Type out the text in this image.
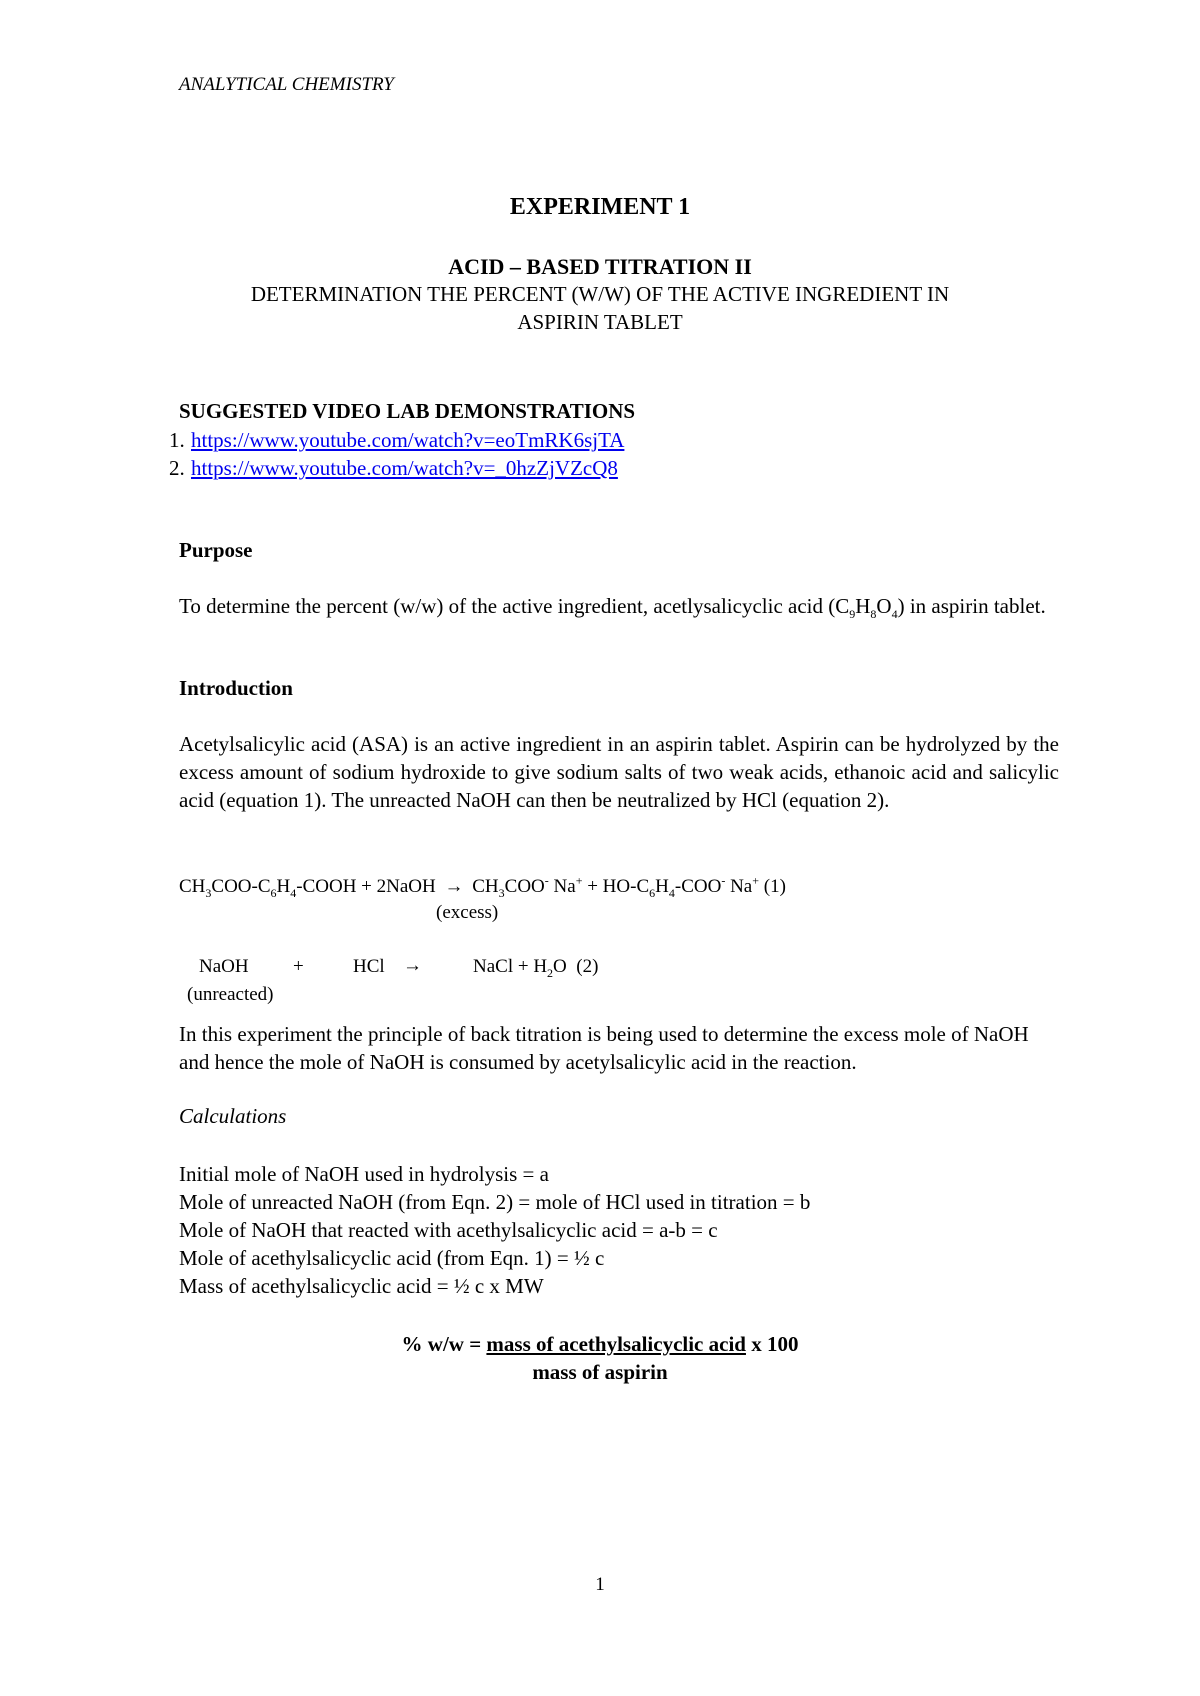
ANALYTICAL CHEMISTRY
EXPERIMENT 1
ACID – BASED TITRATION II
DETERMINATION THE PERCENT (W/W) OF THE ACTIVE INGREDIENT IN
ASPIRIN TABLET
SUGGESTED VIDEO LAB DEMONSTRATIONS
1. https://www.youtube.com/watch?v=eoTmRK6sjTA
2. https://www.youtube.com/watch?v=_0hzZjVZcQ8
Purpose
To determine the percent (w/w) of the active ingredient, acetlysalicyclic acid $(C_9H_8O_4)$ in aspirin tablet.
Introduction
Acetylsalicylic acid (ASA) is an active ingredient in an aspirin tablet. Aspirin can be hydrolyzed by the excess amount of sodium hydroxide to give sodium salts of two weak acids, ethanoic acid and salicylic acid (equation 1). The unreacted NaOH can then be neutralized by HCl (equation 2).
$CH_3COO-C_6H_4$-COOH + 2NaOH → $CH_3COO^-$ $Na^+ + HO-C_6H_4-COO^-$ Na+ (1)
(excess)
NaOH +	HCl →	NaCl + $H_2O$  (2)
(unreacted)
In this experiment the principle of back titration is being used to determine the excess mole of NaOH and hence the mole of NaOH is consumed by acetylsalicylic acid in the reaction.
Calculations
Initial mole of NaOH used in hydrolysis = a
Mole of unreacted NaOH (from Eqn. 2) = mole of HCl used in titration = b
Mole of NaOH that reacted with acethylsalicyclic acid = a-b = c
Mole of acethylsalicyclic acid (from Eqn. 1) = ½ c
Mass of acethylsalicyclic acid = ½ c x MW
% w/w = mass of acethylsalicyclic acid x 100
mass of aspirin
1
